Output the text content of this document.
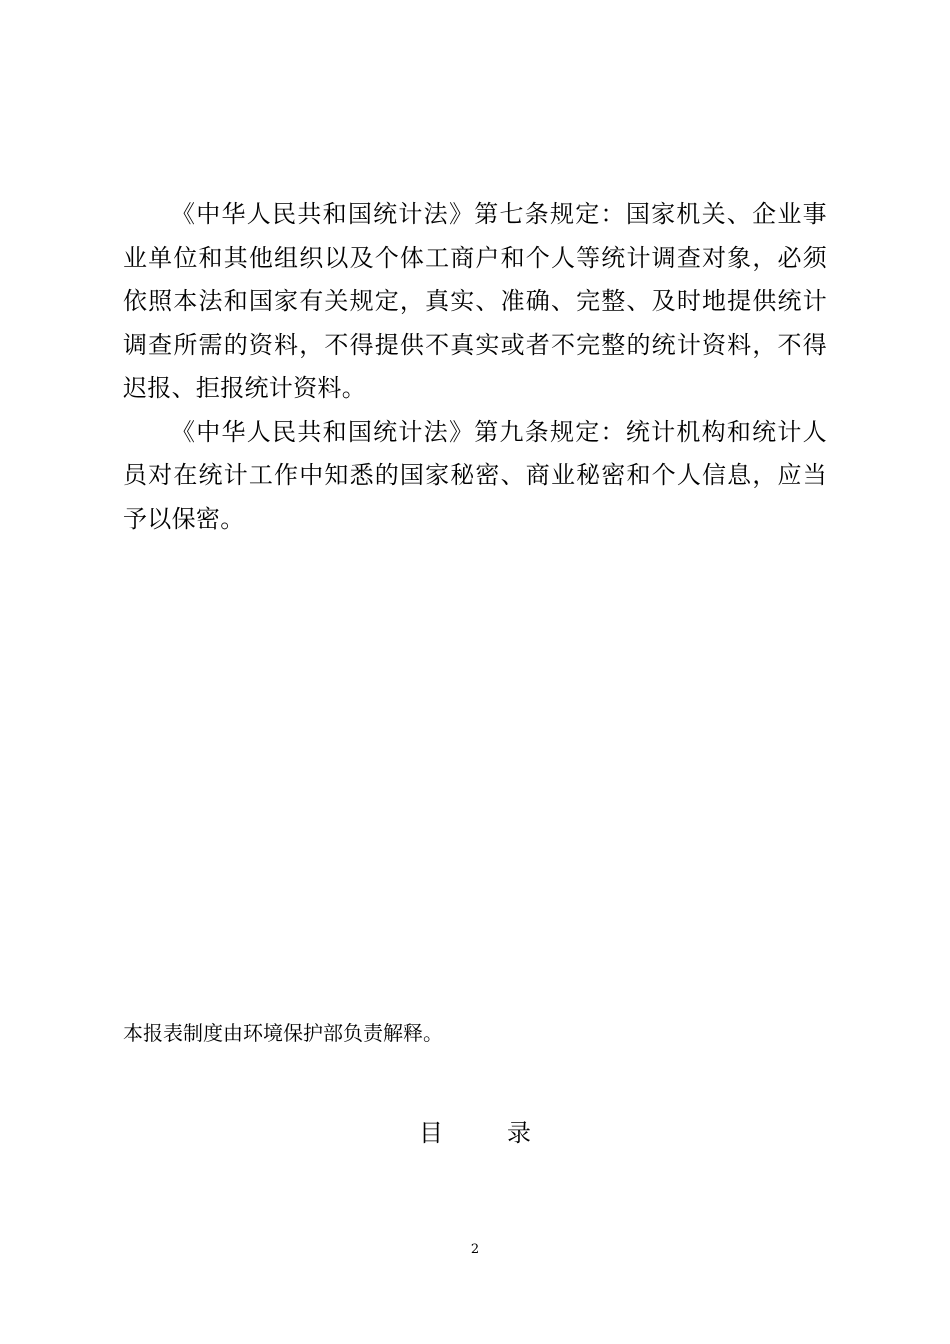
《中华人民共和国统计法》第七条规定：国家机关、企业事业单位和其他组织以及个体工商户和个人等统计调查对象，必须依照本法和国家有关规定，真实、准确、完整、及时地提供统计调查所需的资料，不得提供不真实或者不完整的统计资料，不得迟报、拒报统计资料。

《中华人民共和国统计法》第九条规定：统计机构和统计人员对在统计工作中知悉的国家秘密、商业秘密和个人信息，应当予以保密。

本报表制度由环境保护部负责解释。
目录
2
